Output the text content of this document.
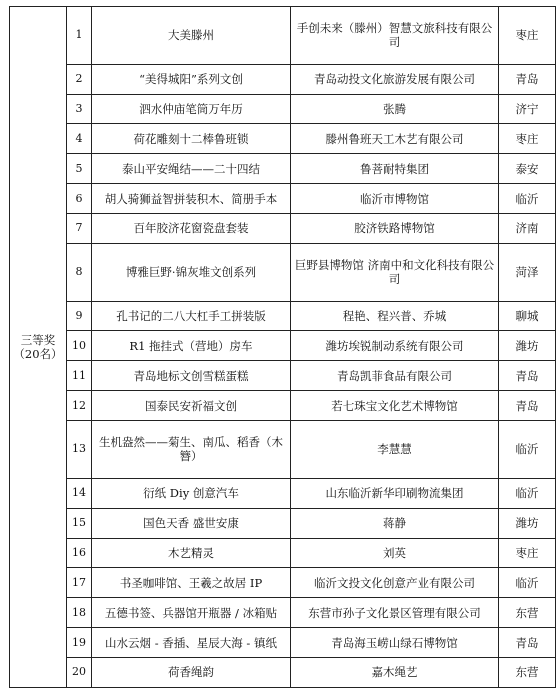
三等奖
（20名）	1	大美滕州	手创未来（滕州）智慧文旅科技有限公司	枣庄
	2	“美得城阳”系列文创	青岛动投文化旅游发展有限公司	青岛
	3	泗水仲庙笔筒万年历	张腾	济宁
	4	荷花雕刻十二棒鲁班锁	滕州鲁班天工木艺有限公司	枣庄
	5	泰山平安绳结——二十四结	鲁菩耐特集团	泰安
	6	胡人骑狮益智拼装积木、简册手本	临沂市博物馆	临沂
	7	百年胶济花窗瓷盘套装	胶济铁路博物馆	济南
	8	博雅巨野·锦灰堆文创系列	巨野县博物馆 济南中和文化科技有限公司	菏泽
	9	孔书记的二八大杠手工拼装版	程艳、程兴普、乔城	聊城
	10	R1 拖挂式（营地）房车	潍坊埃锐制动系统有限公司	潍坊
	11	青岛地标文创雪糕蛋糕	青岛凯菲食品有限公司	青岛
	12	国泰民安祈福文创	若七珠宝文化艺术博物馆	青岛
	13	生机盎然——菊生、南瓜、稻香（木簪）	李慧慧	临沂
	14	衍纸 Diy 创意汽车	山东临沂新华印刷物流集团	临沂
	15	国色天香 盛世安康	蒋静	潍坊
	16	木艺精灵	刘英	枣庄
	17	书圣咖啡馆、王羲之故居 IP	临沂文投文化创意产业有限公司	临沂
	18	五德书签、兵器馆开瓶器 / 冰箱贴	东营市孙子文化景区管理有限公司	东营
	19	山水云烟 - 香插、星辰大海 - 镇纸	青岛海玉崂山绿石博物馆	青岛
	20	荷香绳韵	嘉木绳艺	东营
